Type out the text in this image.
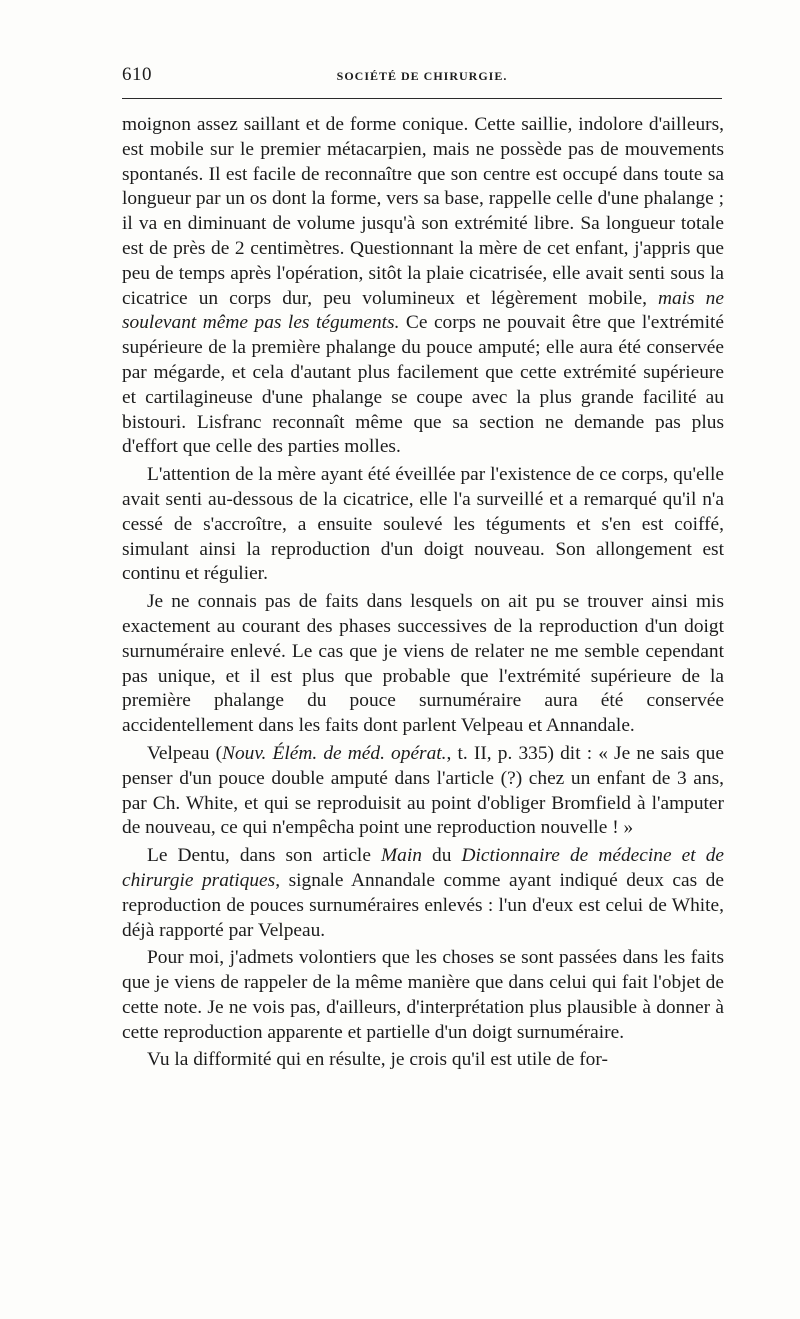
610	SOCIÉTÉ DE CHIRURGIE.

moignon assez saillant et de forme conique. Cette saillie, indolore d'ailleurs, est mobile sur le premier métacarpien, mais ne possède pas de mouvements spontanés. Il est facile de reconnaître que son centre est occupé dans toute sa longueur par un os dont la forme, vers sa base, rappelle celle d'une phalange ; il va en diminuant de volume jusqu'à son extrémité libre. Sa longueur totale est de près de 2 centimètres. Questionnant la mère de cet enfant, j'appris que peu de temps après l'opération, sitôt la plaie cicatrisée, elle avait senti sous la cicatrice un corps dur, peu volumineux et légèrement mobile, mais ne soulevant même pas les téguments. Ce corps ne pouvait être que l'extrémité supérieure de la première phalange du pouce amputé; elle aura été conservée par mégarde, et cela d'autant plus facilement que cette extrémité supérieure et cartilagineuse d'une phalange se coupe avec la plus grande facilité au bistouri. Lisfranc reconnaît même que sa section ne demande pas plus d'effort que celle des parties molles.

L'attention de la mère ayant été éveillée par l'existence de ce corps, qu'elle avait senti au-dessous de la cicatrice, elle l'a surveillé et a remarqué qu'il n'a cessé de s'accroître, a ensuite soulevé les téguments et s'en est coiffé, simulant ainsi la reproduction d'un doigt nouveau. Son allongement est continu et régulier.

Je ne connais pas de faits dans lesquels on ait pu se trouver ainsi mis exactement au courant des phases successives de la reproduction d'un doigt surnuméraire enlevé. Le cas que je viens de relater ne me semble cependant pas unique, et il est plus que probable que l'extrémité supérieure de la première phalange du pouce surnuméraire aura été conservée accidentellement dans les faits dont parlent Velpeau et Annandale.

Velpeau (Nouv. Élém. de méd. opérat., t. II, p. 335) dit : « Je ne sais que penser d'un pouce double amputé dans l'article (?) chez un enfant de 3 ans, par Ch. White, et qui se reproduisit au point d'obliger Bromfield à l'amputer de nouveau, ce qui n'empêcha point une reproduction nouvelle ! »

Le Dentu, dans son article Main du Dictionnaire de médecine et de chirurgie pratiques, signale Annandale comme ayant indiqué deux cas de reproduction de pouces surnuméraires enlevés : l'un d'eux est celui de White, déjà rapporté par Velpeau.

Pour moi, j'admets volontiers que les choses se sont passées dans les faits que je viens de rappeler de la même manière que dans celui qui fait l'objet de cette note. Je ne vois pas, d'ailleurs, d'interprétation plus plausible à donner à cette reproduction apparente et partielle d'un doigt surnuméraire.

Vu la difformité qui en résulte, je crois qu'il est utile de for-
